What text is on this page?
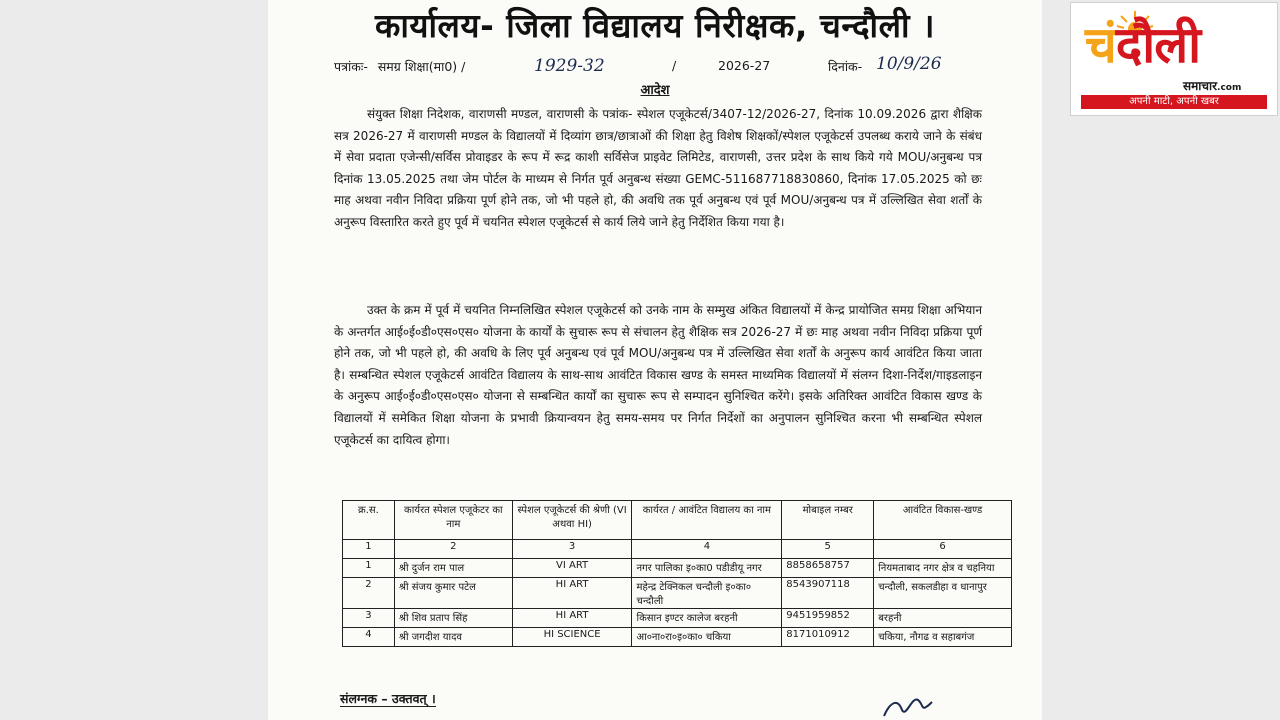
कार्यालय- जिला विद्यालय निरीक्षक, चन्दौली ।
पत्रांकः- समग्र शिक्षा(मा0) /	1929-32	/	2026-27	दिनांक- 10/9/26
आदेश

संयुक्त शिक्षा निदेशक, वाराणसी मण्डल, वाराणसी के पत्रांक- स्पेशल एजूकेटर्स/3407-12/2026-27, दिनांक 10.09.2026 द्वारा शैक्षिक सत्र 2026-27 में वाराणसी मण्डल के विद्यालयों में दिव्यांग छात्र/छात्राओं की शिक्षा हेतु विशेष शिक्षकों/स्पेशल एजूकेटर्स उपलब्ध कराये जाने के संबंध में सेवा प्रदाता एजेन्सी/सर्विस प्रोवाइडर के रूप में रूद्र काशी सर्विसेज प्राइवेट लिमिटेड, वाराणसी, उत्तर प्रदेश के साथ किये गये MOU/अनुबन्ध पत्र दिनांक 13.05.2025 तथा जेम पोर्टल के माध्यम से निर्गत पूर्व अनुबन्ध संख्या GEMC-511687718830860, दिनांक 17.05.2025 को छः माह अथवा नवीन निविदा प्रक्रिया पूर्ण होने तक, जो भी पहले हो, की अवधि तक पूर्व अनुबन्ध एवं पूर्व MOU/अनुबन्ध पत्र में उल्लिखित सेवा शर्तों के अनुरूप विस्तारित करते हुए पूर्व में चयनित स्पेशल एजूकेटर्स से कार्य लिये जाने हेतु निर्देशित किया गया है।

उक्त के क्रम में पूर्व में चयनित निम्नलिखित स्पेशल एजूकेटर्स को उनके नाम के सम्मुख अंकित विद्यालयों में केन्द्र प्रायोजित समग्र शिक्षा अभियान के अन्तर्गत आई०ई०डी०एस०एस० योजना के कार्यों के सुचारू रूप से संचालन हेतु शैक्षिक सत्र 2026-27 में छः माह अथवा नवीन निविदा प्रक्रिया पूर्ण होने तक, जो भी पहले हो, की अवधि के लिए पूर्व अनुबन्ध एवं पूर्व MOU/अनुबन्ध पत्र में उल्लिखित सेवा शर्तों के अनुरूप कार्य आवंटित किया जाता है। सम्बन्धित स्पेशल एजूकेटर्स आवंटित विद्यालय के साथ-साथ आवंटित विकास खण्ड के समस्त माध्यमिक विद्यालयों में संलग्न दिशा-निर्देश/गाइडलाइन के अनुरूप आई०ई०डी०एस०एस० योजना से सम्बन्धित कार्यों का सुचारू रूप से सम्पादन सुनिश्चित करेंगे। इसके अतिरिक्त आवंटित विकास खण्ड के विद्यालयों में समेकित शिक्षा योजना के प्रभावी क्रियान्वयन हेतु समय-समय पर निर्गत निर्देशों का अनुपालन सुनिश्चित करना भी सम्बन्धित स्पेशल एजूकेटर्स का दायित्व होगा।

क्र.स.	कार्यरत स्पेशल एजूकेटर का नाम	स्पेशल एजूकेटर्स की श्रेणी (VI अथवा HI)	कार्यरत / आवंटित विद्यालय का नाम	मोबाइल नम्बर	आवंटित विकास-खण्ड
1	2	3	4	5	6
1	श्री दुर्जन राम पाल	VI ART	नगर पालिका इ०का0 पडीडीयू नगर	8858658757	नियमताबाद नगर क्षेत्र व चहनिया
2	श्री संजय कुमार पटेल	HI ART	महेन्द्र टेक्निकल चन्दौली इ०का० चन्दौली	8543907118	चन्दौली, सकलडीहा व धानापुर
3	श्री शिव प्रताप सिंह	HI ART	किसान इण्टर कालेज बरहनी	9451959852	बरहनी
4	श्री जगदीश यादव	HI SCIENCE	आ०ना०रा०इ०का० चकिया	8171010912	चकिया, नौगढ व सहाबगंज
संलग्नक – उक्तवत् ।
चंदौली
समाचार.com
अपनी माटी, अपनी खबर
